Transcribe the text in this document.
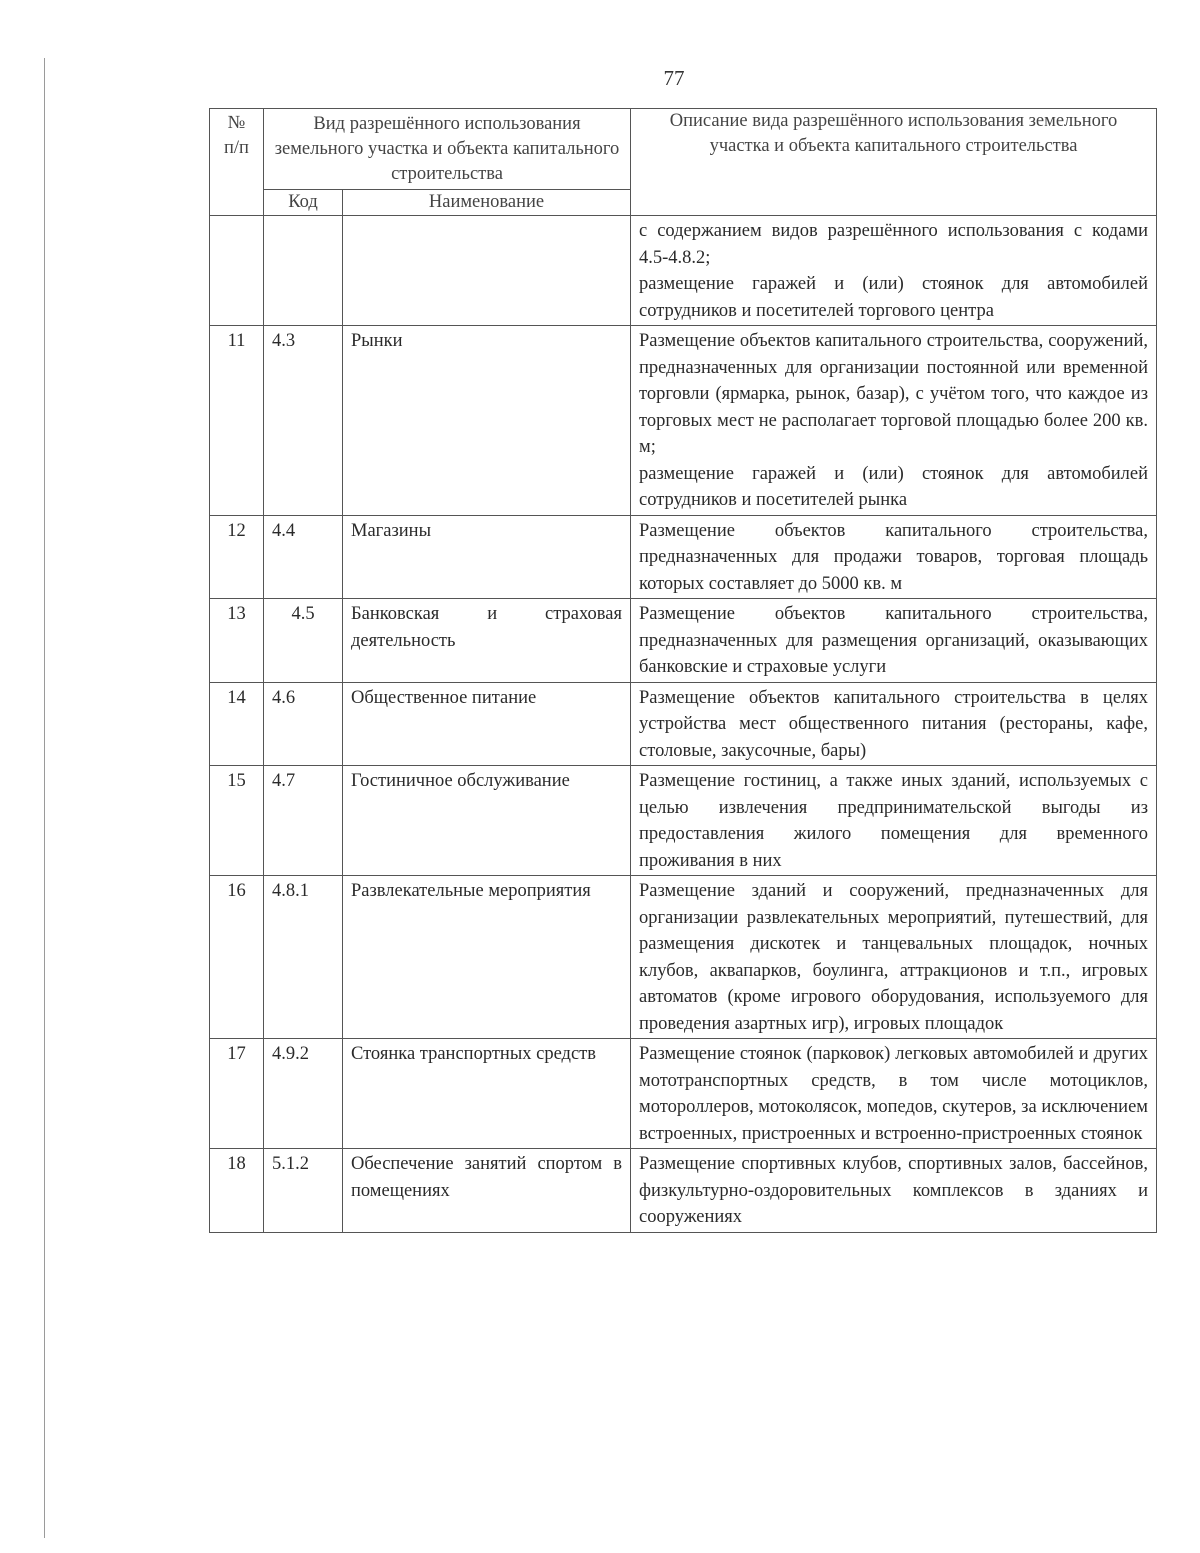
77
№ п/п	Вид разрешённого использования земельного участка и объекта капитального строительства		Описание вида разрешённого использования земельного участка и объекта капитального строительства
	Код	Наименование	

			с содержанием видов разрешённого использования с кодами 4.5-4.8.2;
размещение гаражей и (или) стоянок для автомобилей сотрудников и посетителей торгового центра

11	4.3	Рынки	Размещение объектов капитального строительства, сооружений, предназначенных для организации постоянной или временной торговли (ярмарка, рынок, базар), с учётом того, что каждое из торговых мест не располагает торговой площадью более 200 кв. м;
размещение гаражей и (или) стоянок для автомобилей сотрудников и посетителей рынка

12	4.4	Магазины	Размещение объектов капитального строительства, предназначенных для продажи товаров, торговая площадь которых составляет до 5000 кв. м

13	4.5	Банковская и страховая деятельность	Размещение объектов капитального строительства, предназначенных для размещения организаций, оказывающих банковские и страховые услуги

14	4.6	Общественное питание	Размещение объектов капитального строительства в целях устройства мест общественного питания (рестораны, кафе, столовые, закусочные, бары)

15	4.7	Гостиничное обслуживание	Размещение гостиниц, а также иных зданий, используемых с целью извлечения предпринимательской выгоды из предоставления жилого помещения для временного проживания в них

16	4.8.1	Развлекательные мероприятия	Размещение зданий и сооружений, предназначенных для организации развлекательных мероприятий, путешествий, для размещения дискотек и танцевальных площадок, ночных клубов, аквапарков, боулинга, аттракционов и т.п., игровых автоматов (кроме игрового оборудования, используемого для проведения азартных игр), игровых площадок

17	4.9.2	Стоянка транспортных средств	Размещение стоянок (парковок) легковых автомобилей и других мототранспортных средств, в том числе мотоциклов, мотороллеров, мотоколясок, мопедов, скутеров, за исключением встроенных, пристроенных и встроенно-пристроенных стоянок

18	5.1.2	Обеспечение занятий спортом в помещениях	Размещение спортивных клубов, спортивных залов, бассейнов, физкультурно-оздоровительных комплексов в зданиях и сооружениях
